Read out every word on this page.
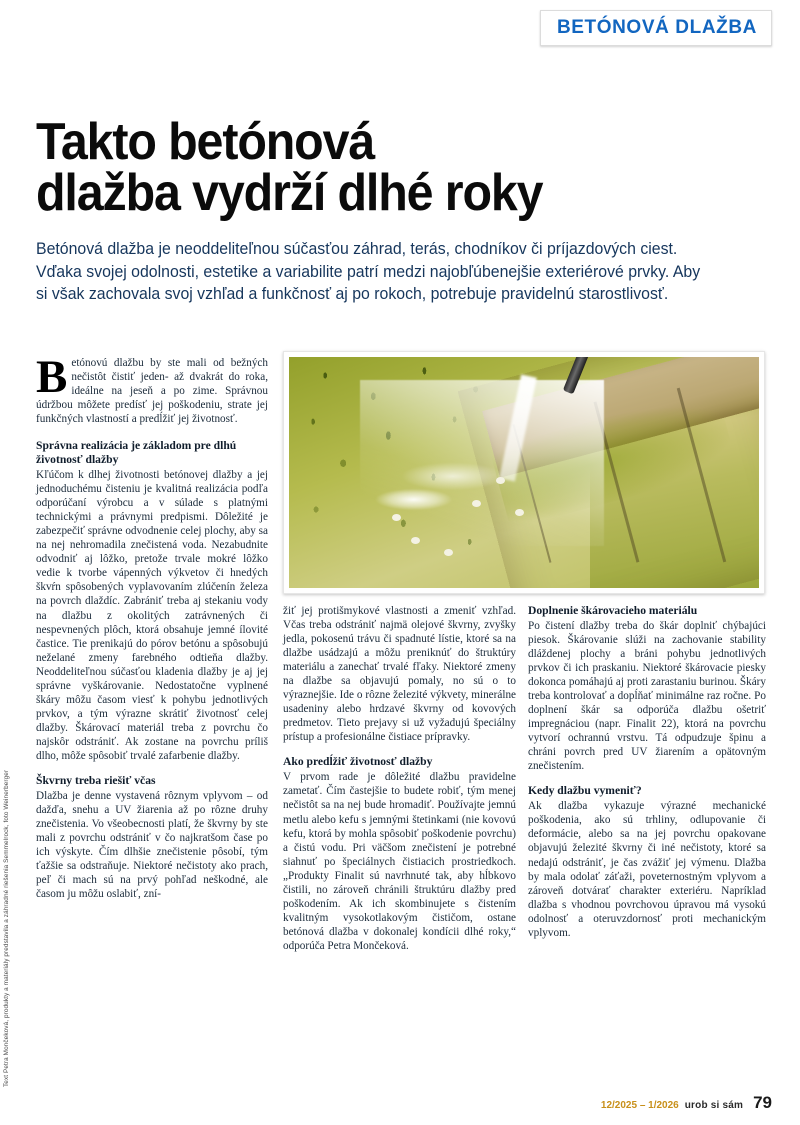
BETÓNOVÁ DLAŽBA
Takto betónová
dlažba vydrží dlhé roky
Betónová dlažba je neoddeliteľnou súčasťou záhrad, terás, chodníkov či príjazdových ciest. Vďaka svojej odolnosti, estetike a variabilite patrí medzi najobľúbenejšie exteriérové prvky. Aby si však zachovala svoj vzhľad a funkčnosť aj po rokoch, potrebuje pravidelnú starostlivosť.

Betónovú dlažbu by ste mali od bežných nečistôt čistiť jeden- až dvakrát do roka, ideálne na jeseň a po zime. Správnou údržbou môžete predísť jej poškodeniu, strate jej funkčných vlastností a predĺžiť jej životnosť.

Správna realizácia je základom pre dlhú životnosť dlažby

Kľúčom k dlhej životnosti betónovej dlažby a jej jednoduchému čisteniu je kvalitná realizácia podľa odporúčaní výrobcu a v súlade s platnými technickými a právnymi predpismi. Dôležité je zabezpečiť správne odvodnenie celej plochy, aby sa na nej nehromadila znečistená voda. Nezabudnite odvodniť aj lôžko, pretože trvale mokré lôžko vedie k tvorbe vápenných výkvetov či hnedých škvŕn spôsobených vyplavovaním zlúčenín železa na povrch dlaždíc. Zabrániť treba aj stekaniu vody na dlažbu z okolitých zatrávnených či nespevnených plôch, ktorá obsahuje jemné ílovité častice. Tie prenikajú do pórov betónu a spôsobujú neželané zmeny farebného odtieňa dlažby. Neoddeliteľnou súčasťou kladenia dlažby je aj jej správne vyškárovanie. Nedostatočne vyplnené škáry môžu časom viesť k pohybu jednotlivých prvkov, a tým výrazne skrátiť životnosť celej dlažby. Škárovací materiál treba z povrchu čo najskôr odstrániť. Ak zostane na povrchu príliš dlho, môže spôsobiť trvalé zafarbenie dlažby.

Škvrny treba riešiť včas

Dlažba je denne vystavená rôznym vplyvom – od dažďa, snehu a UV žiarenia až po rôzne druhy znečistenia. Vo všeobecnosti platí, že škvrny by ste mali z povrchu odstrániť v čo najkratšom čase po ich výskyte. Čím dlhšie znečistenie pôsobí, tým ťažšie sa odstraňuje. Niektoré nečistoty ako prach, peľ či mach sú na prvý pohľad neškodné, ale časom ju môžu oslabiť, zní-

žiť jej protišmykové vlastnosti a zmeniť vzhľad. Včas treba odstrániť najmä olejové škvrny, zvyšky jedla, pokosenú trávu či spadnuté lístie, ktoré sa na dlažbe usádzajú a môžu preniknúť do štruktúry materiálu a zanechať trvalé fľaky. Niektoré zmeny na dlažbe sa objavujú pomaly, no sú o to výraznejšie. Ide o rôzne železité výkvety, minerálne usadeniny alebo hrdzavé škvrny od kovových predmetov. Tieto prejavy si už vyžadujú špeciálny prístup a profesionálne čistiace prípravky.

Ako predĺžiť životnosť dlažby

V prvom rade je dôležité dlažbu pravidelne zametať. Čím častejšie to budete robiť, tým menej nečistôt sa na nej bude hromadiť. Používajte jemnú metlu alebo kefu s jemnými štetinkami (nie kovovú kefu, ktorá by mohla spôsobiť poškodenie povrchu) a čistú vodu. Pri väčšom znečistení je potrebné siahnuť po špeciálnych čistiacich prostriedkoch. „Produkty Finalit sú navrhnuté tak, aby hĺbkovo čistili, no zároveň chránili štruktúru dlažby pred poškodením. Ak ich skombinujete s čistením kvalitným vysokotlakovým čističom, ostane betónová dlažba v dokonalej kondícii dlhé roky,“ odporúča Petra Mončeková.

Doplnenie škárovacieho materiálu

Po čistení dlažby treba do škár doplniť chýbajúci piesok. Škárovanie slúži na zachovanie stability dláždenej plochy a bráni pohybu jednotlivých prvkov či ich praskaniu. Niektoré škárovacie piesky dokonca pomáhajú aj proti zarastaniu burinou. Škáry treba kontrolovať a dopĺňať minimálne raz ročne. Po doplnení škár sa odporúča dlažbu ošetriť impregnáciou (napr. Finalit 22), ktorá na povrchu vytvorí ochrannú vrstvu. Tá odpudzuje špinu a chráni povrch pred UV žiarením a opätovným znečistením.

Kedy dlažbu vymeniť?

Ak dlažba vykazuje výrazné mechanické poškodenia, ako sú trhliny, odlupovanie či deformácie, alebo sa na jej povrchu opakovane objavujú železité škvrny či iné nečistoty, ktoré sa nedajú odstrániť, je čas zvážiť jej výmenu. Dlažba by mala odolať záťaži, poveternostným vplyvom a zároveň dotvárať charakter exteriéru. Napríklad dlažba s vhodnou povrchovou úpravou má vysokú odolnosť a oteruvzdornosť proti mechanickým vplyvom.

Text Petra Mončeková, produkty a materiály predstavila a záhradné riešenia Semmelrock, foto Weinerberger
12/2025 – 1/2026 urob si sám 79
